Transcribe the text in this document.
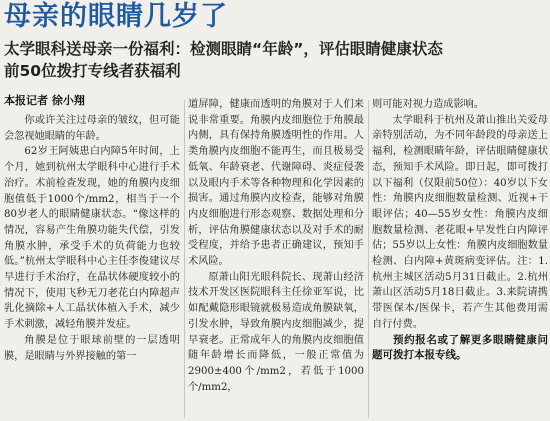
母亲的眼睛几岁了
太学眼科送母亲一份福利：检测眼睛“年龄”，评估眼睛健康状态
前50位拨打专线者获福利
本报记者 徐小翔

你或许关注过母亲的皱纹，但可能会忽视她眼睛的年龄。

62岁王阿姨患白内障5年时间，上个月，她到杭州太学眼科中心进行手术治疗。术前检查发现，她的角膜内皮细胞值低于1000个/mm2，相当于一个80岁老人的眼睛健康状态。“像这样的情况，容易产生角膜功能失代偿，引发角膜水肿，承受手术的负荷能力也较低。”杭州太学眼科中心主任李俊建议尽早进行手术治疗，在晶状体硬度较小的情况下，使用飞秒无刀老花白内障超声乳化摘除+人工晶状体植入手术，减少手术刺激，减轻角膜并发症。

角膜是位于眼球前壁的一层透明膜，是眼睛与外界接触的第一

道屏障，健康而透明的角膜对于人们来说非常重要。角膜内皮细胞位于角膜最内侧，具有保持角膜透明性的作用。人类角膜内皮细胞不能再生，而且极易受低氧、年龄衰老、代谢障碍、炎症侵袭以及眼内手术等各种物理和化学因素的损害。通过角膜内皮检查，能够对角膜内皮细胞进行形态观察、数据处理和分析，评估角膜健康状态以及对手术的耐受程度，并给予患者正确建议，预知手术风险。

原萧山阳光眼科院长、现萧山经济技术开发区医院眼科主任徐亚军说，比如配戴隐形眼镜就极易造成角膜缺氧，引发水肿，导致角膜内皮细胞减少，提早衰老。正常成年人的角膜内皮细胞值随年龄增长而降低，一般正常值为2900±400个/mm2，若低于1000个/mm2，

则可能对视力造成影响。

太学眼科于杭州及萧山推出关爱母亲特别活动，为不同年龄段的母亲送上福利，检测眼睛年龄，评估眼睛健康状态，预知手术风险。即日起，即可拨打以下福利（仅限前50位）：40岁以下女性：角膜内皮细胞数量检测、近视+干眼评估；40—55岁女性：角膜内皮细胞数量检测、老花眼+早发性白内障评估；55岁以上女性：角膜内皮细胞数量检测、白内障+黄斑病变评估。注：1.杭州主城区活动5月31日截止。2.杭州萧山区活动5月18日截止。3.来院请携带医保本/医保卡，若产生其他费用需自行付费。

预约报名或了解更多眼睛健康问题可拨打本报专线。
